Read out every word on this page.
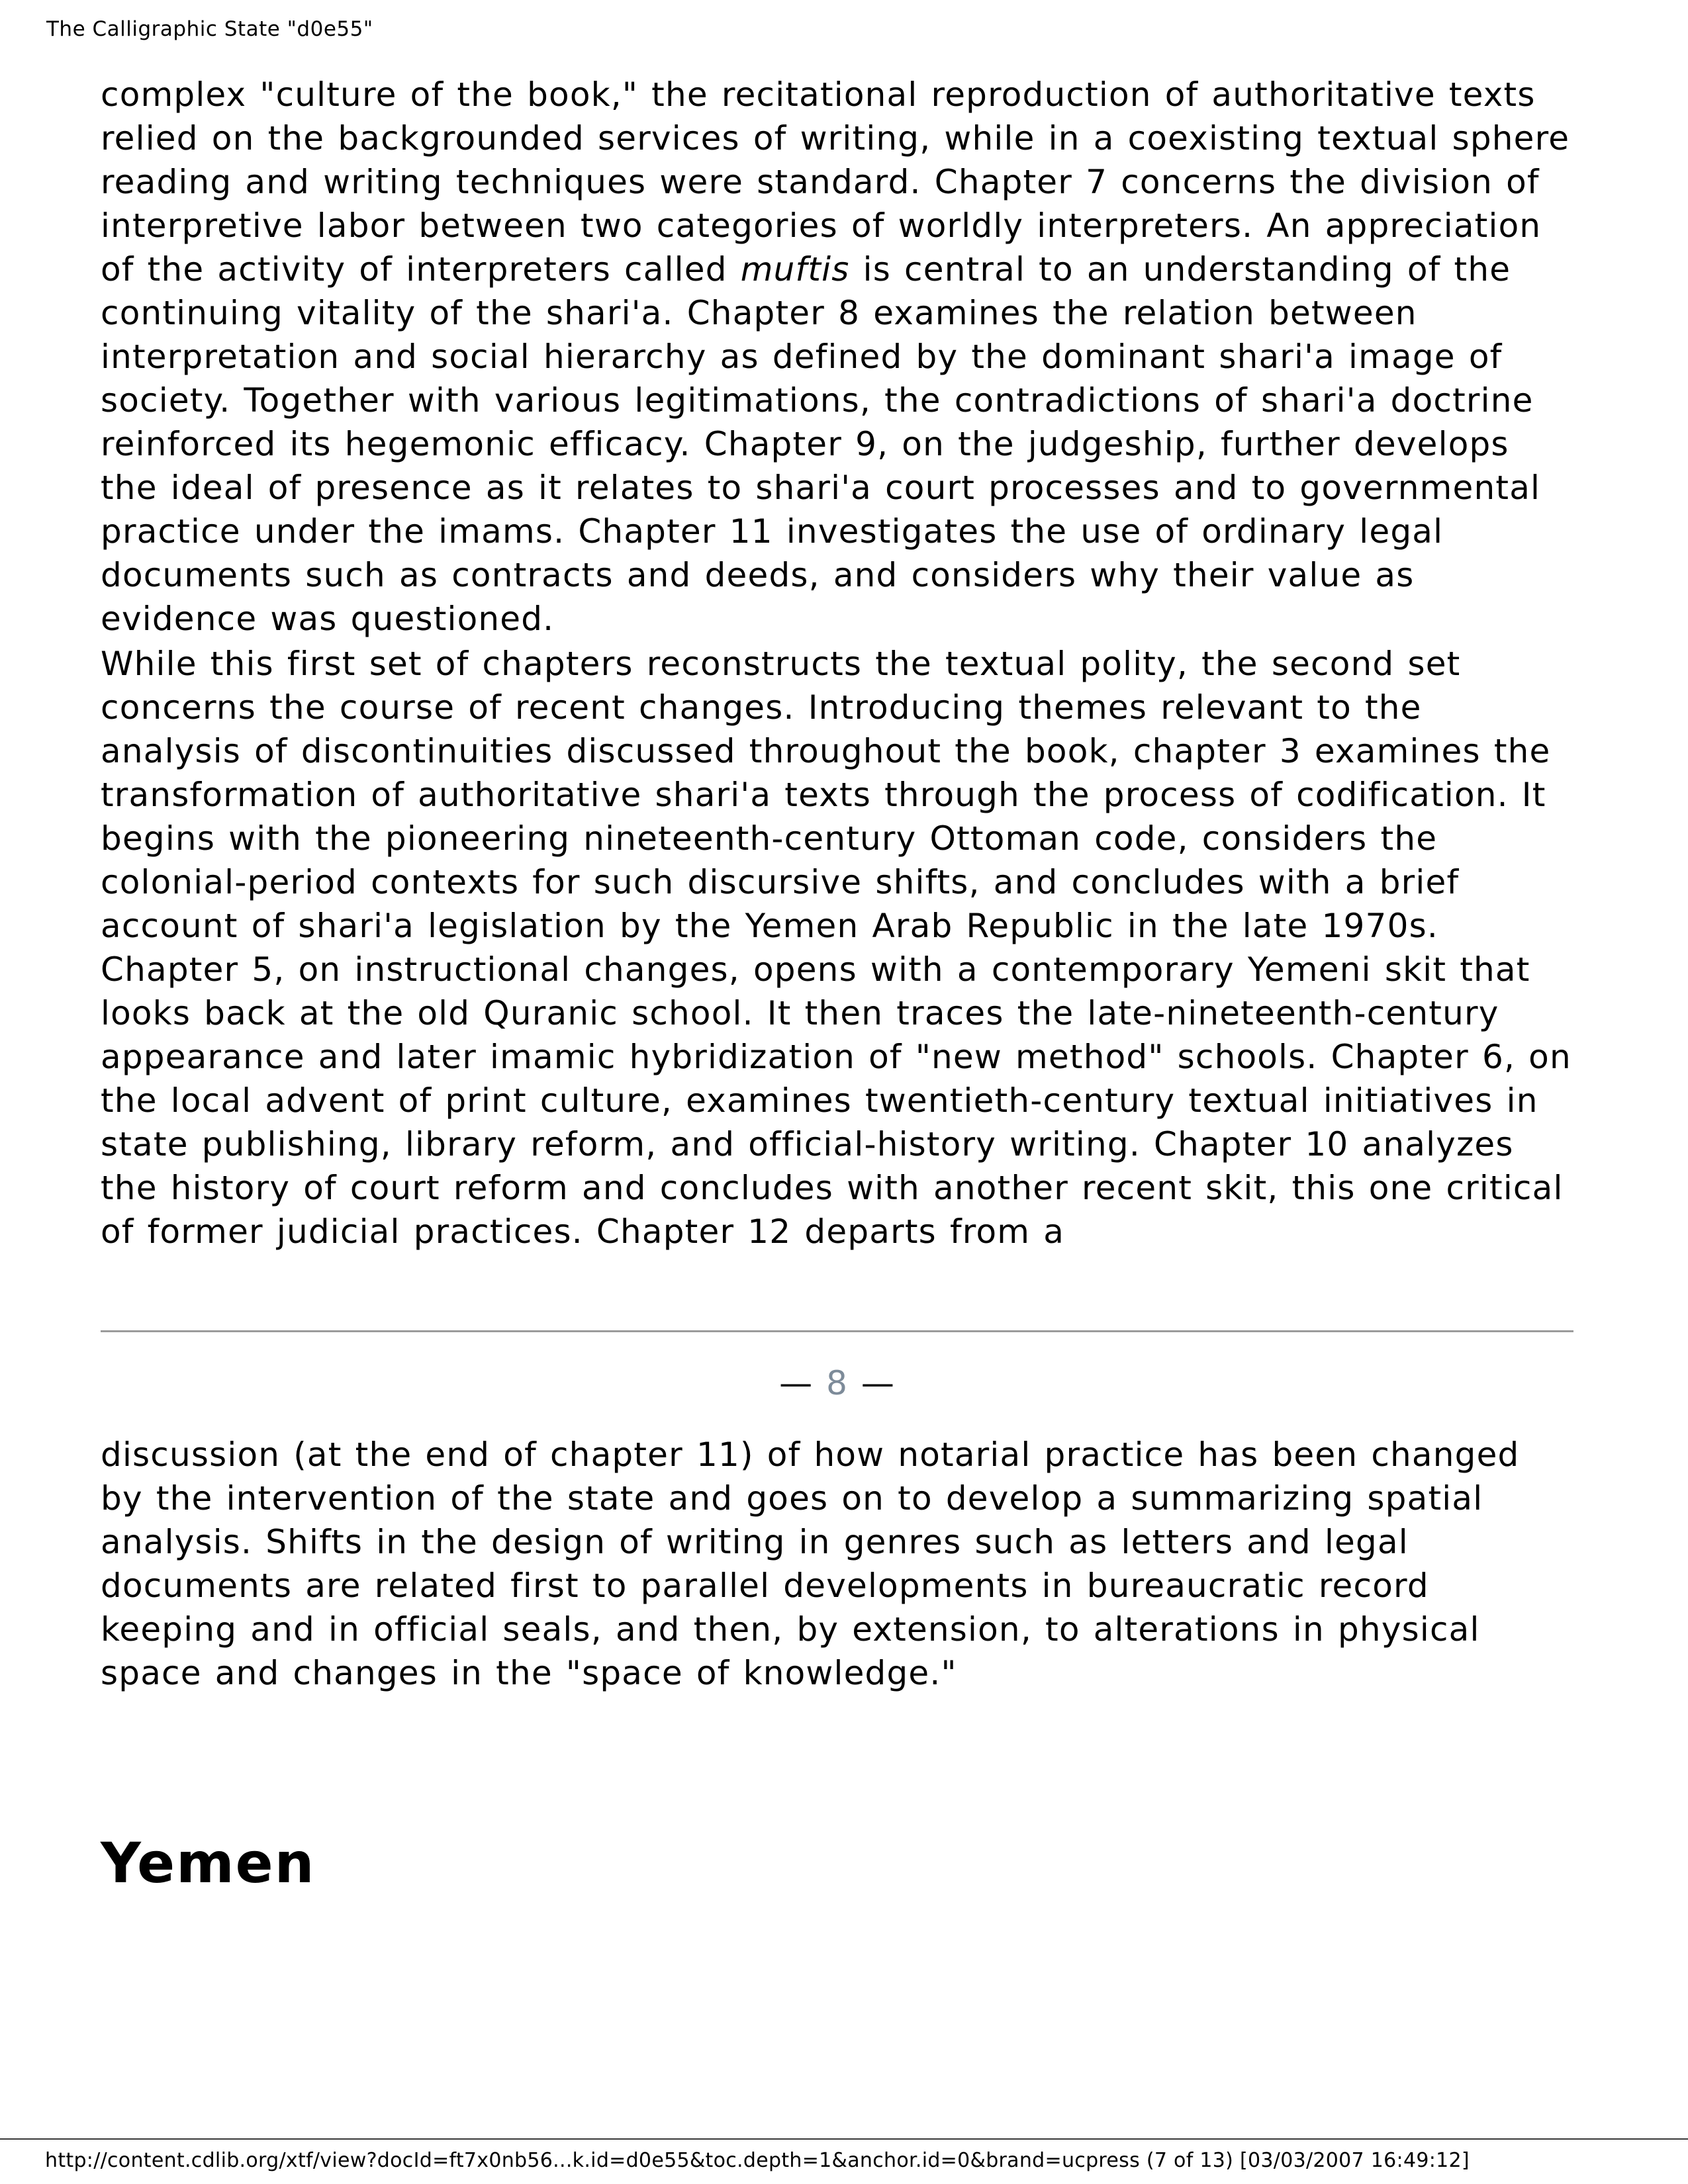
The Calligraphic State "d0e55"

complex "culture of the book," the recitational reproduction of authoritative texts relied on the backgrounded services of writing, while in a coexisting textual sphere reading and writing techniques were standard. Chapter 7 concerns the division of interpretive labor between two categories of worldly interpreters. An appreciation of the activity of interpreters called muftis is central to an understanding of the continuing vitality of the shari'a. Chapter 8 examines the relation between interpretation and social hierarchy as defined by the dominant shari'a image of society. Together with various legitimations, the contradictions of shari'a doctrine reinforced its hegemonic efficacy. Chapter 9, on the judgeship, further develops the ideal of presence as it relates to shari'a court processes and to governmental practice under the imams. Chapter 11 investigates the use of ordinary legal documents such as contracts and deeds, and considers why their value as evidence was questioned.

While this first set of chapters reconstructs the textual polity, the second set concerns the course of recent changes. Introducing themes relevant to the analysis of discontinuities discussed throughout the book, chapter 3 examines the transformation of authoritative shari'a texts through the process of codification. It begins with the pioneering nineteenth-century Ottoman code, considers the colonial-period contexts for such discursive shifts, and concludes with a brief account of shari'a legislation by the Yemen Arab Republic in the late 1970s. Chapter 5, on instructional changes, opens with a contemporary Yemeni skit that looks back at the old Quranic school. It then traces the late-nineteenth-century appearance and later imamic hybridization of "new method" schools. Chapter 6, on the local advent of print culture, examines twentieth-century textual initiatives in state publishing, library reform, and official-history writing. Chapter 10 analyzes the history of court reform and concludes with another recent skit, this one critical of former judicial practices. Chapter 12 departs from a

— 8 —

discussion (at the end of chapter 11) of how notarial practice has been changed by the intervention of the state and goes on to develop a summarizing spatial analysis. Shifts in the design of writing in genres such as letters and legal documents are related first to parallel developments in bureaucratic record keeping and in official seals, and then, by extension, to alterations in physical space and changes in the "space of knowledge."

Yemen
http://content.cdlib.org/xtf/view?docId=ft7x0nb56...k.id=d0e55&toc.depth=1&anchor.id=0&brand=ucpress (7 of 13) [03/03/2007 16:49:12]
